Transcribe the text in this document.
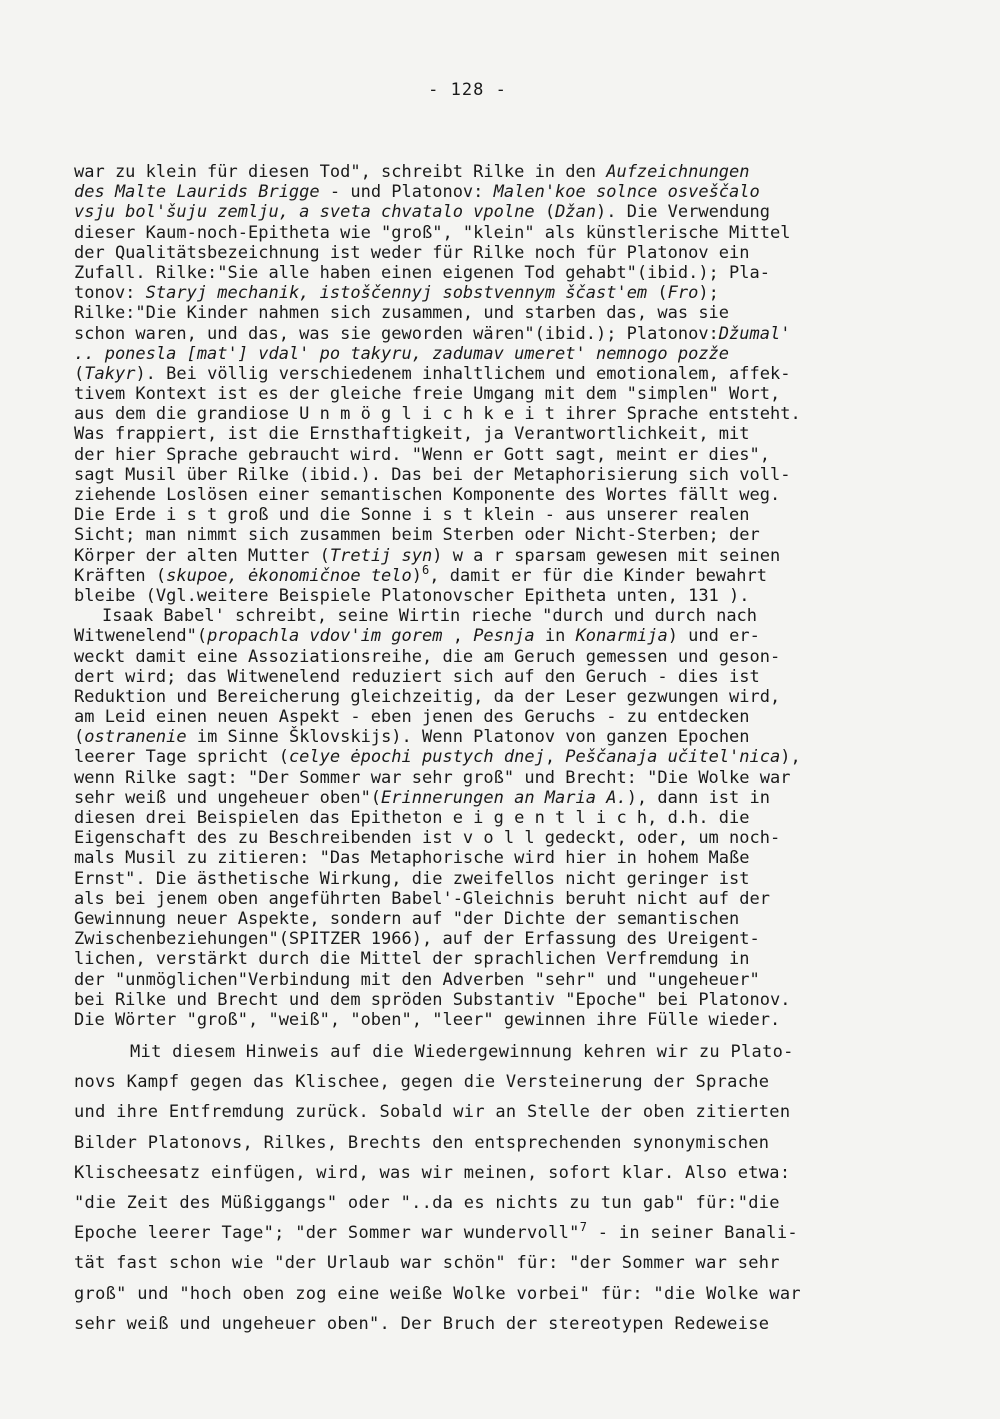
- 128 -
war zu klein für diesen Tod", schreibt Rilke in den Aufzeichnungen
des Malte Laurids Brigge - und Platonov: Malen'koe solnce osveščalo
vsju bol'šuju zemlju, a sveta chvatalo vpolne (Džan). Die Verwendung
dieser Kaum-noch-Epitheta wie "groß", "klein" als künstlerische Mittel
der Qualitätsbezeichnung ist weder für Rilke noch für Platonov ein
Zufall. Rilke:"Sie alle haben einen eigenen Tod gehabt"(ibid.); Pla-
tonov: Staryj mechanik, istoščennyj sobstvennym ščast'em (Fro);
Rilke:"Die Kinder nahmen sich zusammen, und starben das, was sie
schon waren, und das, was sie geworden wären"(ibid.); Platonov:Džumal'
.. ponesla [mat'] vdal' po takyru, zadumav umeret' nemnogo pozže
(Takyr). Bei völlig verschiedenem inhaltlichem und emotionalem, affek-
tivem Kontext ist es der gleiche freie Umgang mit dem "simplen" Wort,
aus dem die grandiose U n m ö g l i c h k e i t ihrer Sprache entsteht.
Was frappiert, ist die Ernsthaftigkeit, ja Verantwortlichkeit, mit
der hier Sprache gebraucht wird. "Wenn er Gott sagt, meint er dies",
sagt Musil über Rilke (ibid.). Das bei der Metaphorisierung sich voll-
ziehende Loslösen einer semantischen Komponente des Wortes fällt weg.
Die Erde i s t groß und die Sonne i s t klein - aus unserer realen
Sicht; man nimmt sich zusammen beim Sterben oder Nicht-Sterben; der
Körper der alten Mutter (Tretij syn) w a r sparsam gewesen mit seinen
Kräften (skupoe, ėkonomičnoe telo)$^6$, damit er für die Kinder bewahrt
bleibe (Vgl.weitere Beispiele Platonovscher Epitheta unten, 131 ).
Isaak Babel' schreibt, seine Wirtin rieche "durch und durch nach
Witwenelend"(propachla vdov'im gorem , Pesnja in Konarmija) und er-
weckt damit eine Assoziationsreihe, die am Geruch gemessen und geson-
dert wird; das Witwenelend reduziert sich auf den Geruch - dies ist
Reduktion und Bereicherung gleichzeitig, da der Leser gezwungen wird,
am Leid einen neuen Aspekt - eben jenen des Geruchs - zu entdecken
(ostranenie im Sinne Šklovskijs). Wenn Platonov von ganzen Epochen
leerer Tage spricht (celye ėpochi pustych dnej, Peščanaja učitel'nica),
wenn Rilke sagt: "Der Sommer war sehr groß" und Brecht: "Die Wolke war
sehr weiß und ungeheuer oben"(Erinnerungen an Maria A.), dann ist in
diesen drei Beispielen das Epitheton e i g e n t l i c h, d.h. die
Eigenschaft des zu Beschreibenden ist v o l l gedeckt, oder, um noch-
mals Musil zu zitieren: "Das Metaphorische wird hier in hohem Maße
Ernst". Die ästhetische Wirkung, die zweifellos nicht geringer ist
als bei jenem oben angeführten Babel'-Gleichnis beruht nicht auf der
Gewinnung neuer Aspekte, sondern auf "der Dichte der semantischen
Zwischenbeziehungen"(SPITZER 1966), auf der Erfassung des Ureigent-
lichen, verstärkt durch die Mittel der sprachlichen Verfremdung in
der "unmöglichen"Verbindung mit den Adverben "sehr" und "ungeheuer"
bei Rilke und Brecht und dem spröden Substantiv "Epoche" bei Platonov.
Die Wörter "groß", "weiß", "oben", "leer" gewinnen ihre Fülle wieder.
Mit diesem Hinweis auf die Wiedergewinnung kehren wir zu Plato-
novs Kampf gegen das Klischee, gegen die Versteinerung der Sprache
und ihre Entfremdung zurück. Sobald wir an Stelle der oben zitierten
Bilder Platonovs, Rilkes, Brechts den entsprechenden synonymischen
Klischeesatz einfügen, wird, was wir meinen, sofort klar. Also etwa:
"die Zeit des Müßiggangs" oder "..da es nichts zu tun gab" für:"die
Epoche leerer Tage"; "der Sommer war wundervoll"$^7$ - in seiner Banali-
tät fast schon wie "der Urlaub war schön" für: "der Sommer war sehr
groß" und "hoch oben zog eine weiße Wolke vorbei" für: "die Wolke war
sehr weiß und ungeheuer oben". Der Bruch der stereotypen Redeweise
